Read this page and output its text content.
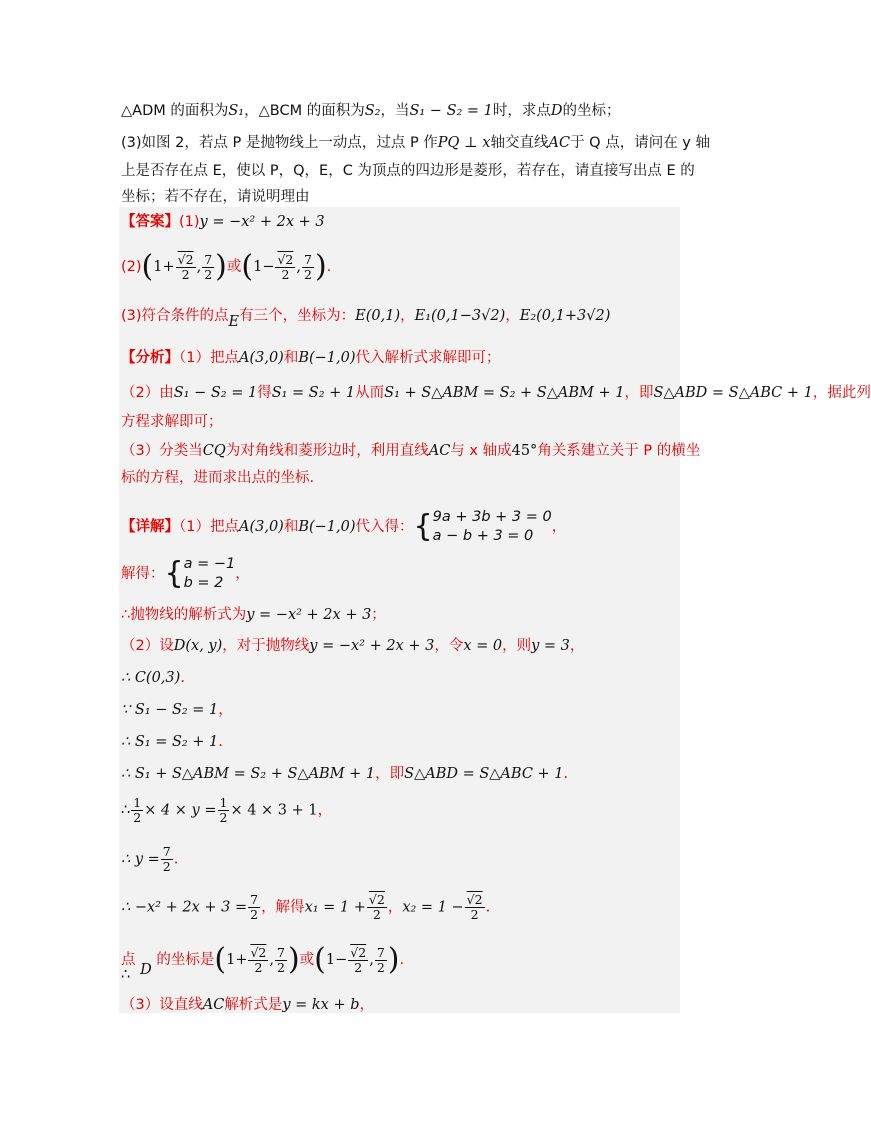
△ADM 的面积为S₁，△BCM 的面积为S₂，当S₁ − S₂ = 1时，求点D的坐标；
(3)如图 2，若点 P 是抛物线上一动点，过点 P 作PQ ⊥ x轴交直线AC于 Q 点，请问在 y 轴
上是否存在点 E，使以 P，Q，E，C 为顶点的四边形是菱形，若存在，请直接写出点 E 的
坐标；若不存在，请说明理由
【答案】(1)y = −x² + 2x + 3
$(2)(1+ \frac{√2}{2}$ , $\frac{7}{2}$ )或($1- \frac{√2}{2}$ , $\frac{7}{2}$ ).
(3)符合条件的点E有三个，坐标为：E(0,1)，E₁(0,1−3√2)，E₂(0,1+3√2)
【分析】（1）把点A(3,0)和B(−1,0)代入解析式求解即可；
（2）由S₁ − S₂ = 1得S₁ = S₂ + 1从而S₁ + S△ABM = S₂ + S△ABM + 1，即S△ABD = S△ABC + 1，据此列
方程求解即可；
（3）分类当CQ为对角线和菱形边时，利用直线AC与 x 轴成45°角关系建立关于 P 的横坐
标的方程，进而求出点的坐标.
【详解】（1）把点A(3,0)和B(−1,0)代入得：{ 9a + 3b + 3 = 0
a − b + 3 = 0
，
解得：{ a = −1
b = 2
，
∴抛物线的解析式为y = −x² + 2x + 3；
（2）设D(x, y)，对于抛物线y = −x² + 2x + 3，令x = 0，则y = 3，
∴ C(0,3).
∵ S₁ − S₂ = 1，
∴ S₁ = S₂ + 1.
∴ S₁ + S△ABM = S₂ + S△ABM + 1，即S△ABD = S△ABC + 1.
∴ $\frac{1}{2} \times 4 \times y = \frac{1}{2} \times 4 \times 3 + 1$，
∴ $y = \frac{7}{2}$ .
∴ $-x^2 + 2x + 3 = \frac{7}{2}$ ，解得$x_1 = 1 + \frac{√2}{2}$ ，$x_2 = 1 - \frac{√2}{2}$ .
点 D 的坐标是($1+ \frac{√2}{2}$ , $\frac{7}{2}$ )或($1- \frac{√2}{2}$ , $\frac{7}{2}$ ).
∴
（3）设直线AC解析式是y = kx + b，
